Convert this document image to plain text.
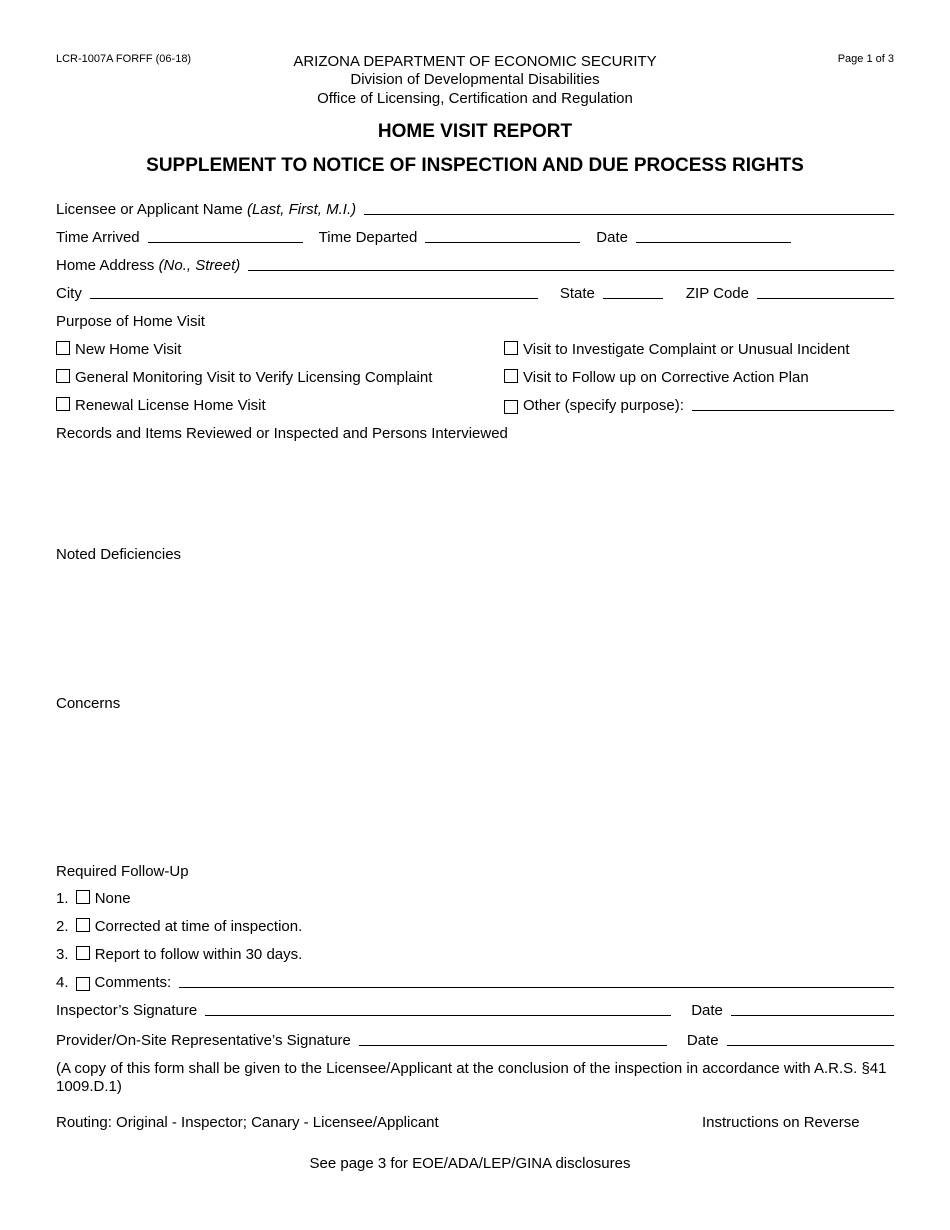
LCR-1007A FORFF (06-18)	Page 1 of 3
ARIZONA DEPARTMENT OF ECONOMIC SECURITY
Division of Developmental Disabilities
Office of Licensing, Certification and Regulation
HOME VISIT REPORT
SUPPLEMENT TO NOTICE OF INSPECTION AND DUE PROCESS RIGHTS
Licensee or Applicant Name
(Last, First, M.I.)
Time Arrived	Time Departed	Date
Home Address
(No., Street)
City	State	ZIP Code
Purpose of Home Visit
New Home Visit
General Monitoring Visit to Verify Licensing Complaint
Renewal License Home Visit
Visit to Investigate Complaint or Unusual Incident
Visit to Follow up on Corrective Action Plan
Other (specify purpose):
Records and Items Reviewed or Inspected and Persons Interviewed
Noted Deficiencies
Concerns
Required Follow-Up
1. None
2. Corrected at time of inspection.
3. Report to follow within 30 days.
4. Comments:
Inspector’s Signature	Date
Provider/On-Site Representative’s Signature	Date
(A copy of this form shall be given to the Licensee/Applicant at the conclusion of the inspection in accordance with A.R.S. §41 1009.D.1)
Routing: Original - Inspector; Canary - Licensee/Applicant	Instructions on Reverse
See page 3 for EOE/ADA/LEP/GINA disclosures
